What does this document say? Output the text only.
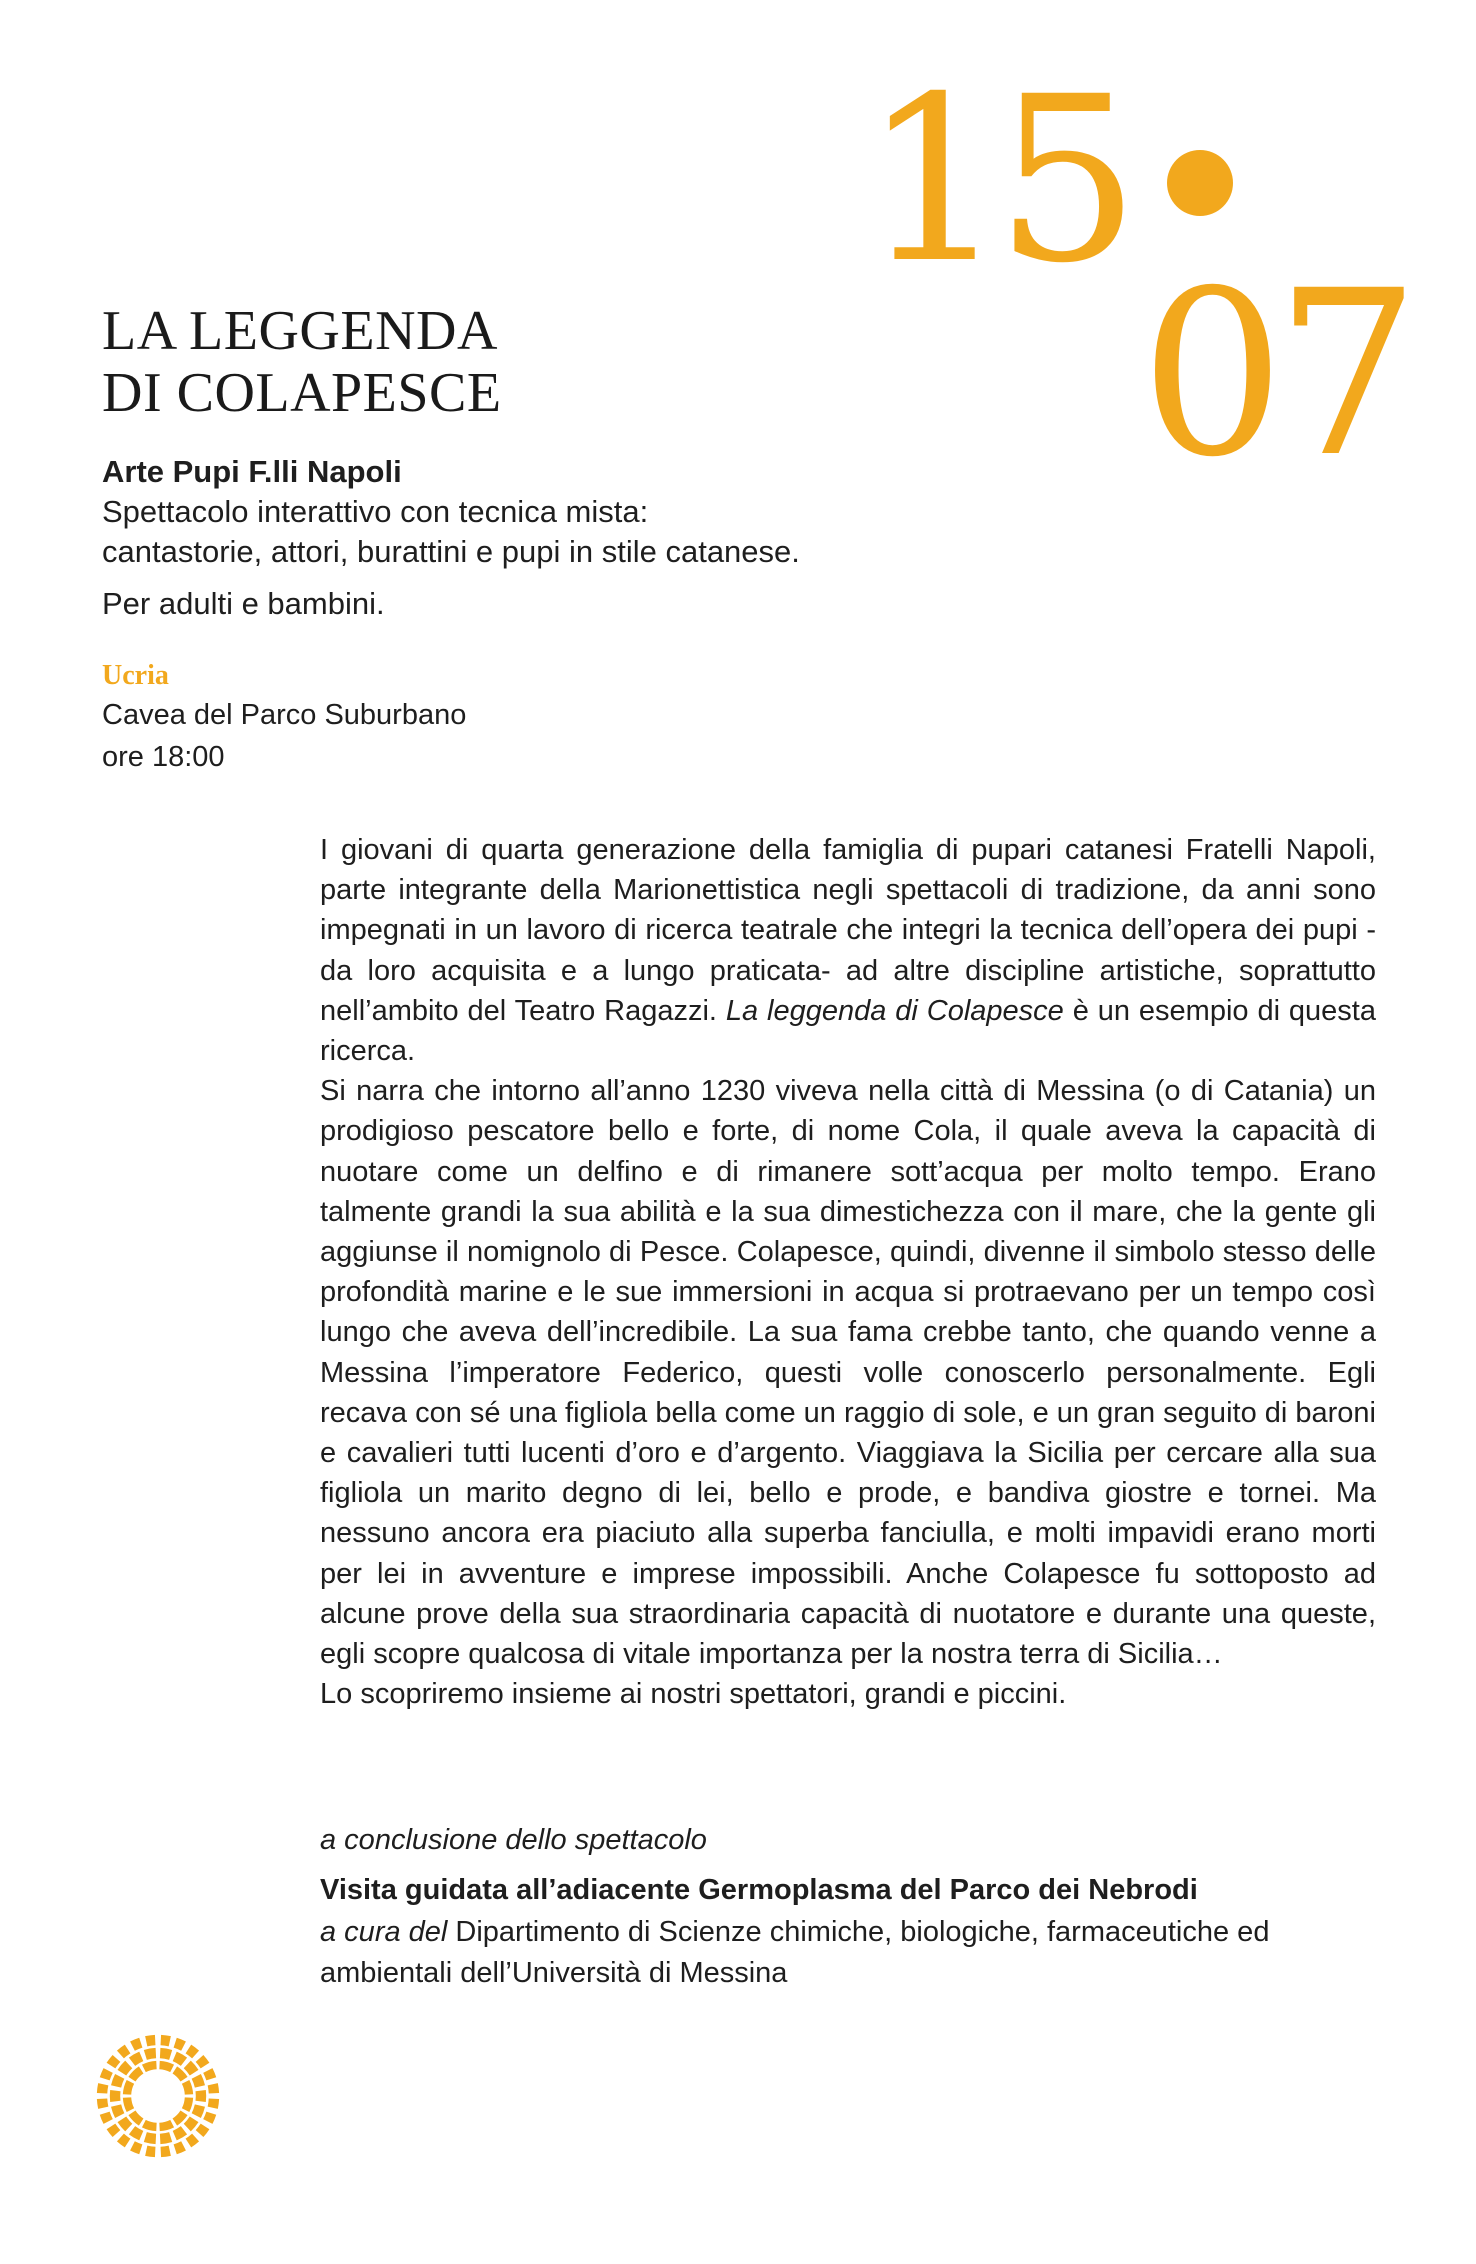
15
07
LA LEGGENDA
DI COLAPESCE

Arte Pupi F.lli Napoli

Spettacolo interattivo con tecnica mista:

cantastorie, attori, burattini e pupi in stile catanese.

Per adulti e bambini.

Ucria

Cavea del Parco Suburbano

ore 18:00

I giovani di quarta generazione della famiglia di pupari catanesi Fratelli Napoli, parte integrante della Marionettistica negli spettacoli di tradizione, da anni sono impegnati in un lavoro di ricerca teatrale che integri la tecnica dell’opera dei pupi -da loro acquisita e a lungo praticata- ad altre discipline artistiche, soprattutto nell’ambito del Teatro Ragazzi. La leggenda di Colapesce è un esempio di questa ricerca.

Si narra che intorno all’anno 1230 viveva nella città di Messina (o di Catania) un prodigioso pescatore bello e forte, di nome Cola, il quale aveva la capacità di nuotare come un delfino e di rimanere sott’acqua per molto tempo. Erano talmente grandi la sua abilità e la sua dimestichezza con il mare, che la gente gli aggiunse il nomignolo di Pesce. Colapesce, quindi, divenne il simbolo stesso delle profondità marine e le sue immersioni in acqua si protraevano per un tempo così lungo che aveva dell’incredibile. La sua fama crebbe tanto, che quando venne a Messina l’imperatore Federico, questi volle conoscerlo personalmente. Egli recava con sé una figliola bella come un raggio di sole, e un gran seguito di baroni e cavalieri tutti lucenti d’oro e d’argento. Viaggiava la Sicilia per cercare alla sua figliola un marito degno di lei, bello e prode, e bandiva giostre e tornei. Ma nessuno ancora era piaciuto alla superba fanciulla, e molti impavidi erano morti per lei in avventure e imprese impossibili. Anche Colapesce fu sottoposto ad alcune prove della sua straordinaria capacità di nuotatore e durante una queste, egli scopre qualcosa di vitale importanza per la nostra terra di Sicilia…

Lo scopriremo insieme ai nostri spettatori, grandi e piccini.

a conclusione dello spettacolo

Visita guidata all’adiacente Germoplasma del Parco dei Nebrodi

a cura del Dipartimento di Scienze chimiche, biologiche, farmaceutiche ed

ambientali dell’Università di Messina
